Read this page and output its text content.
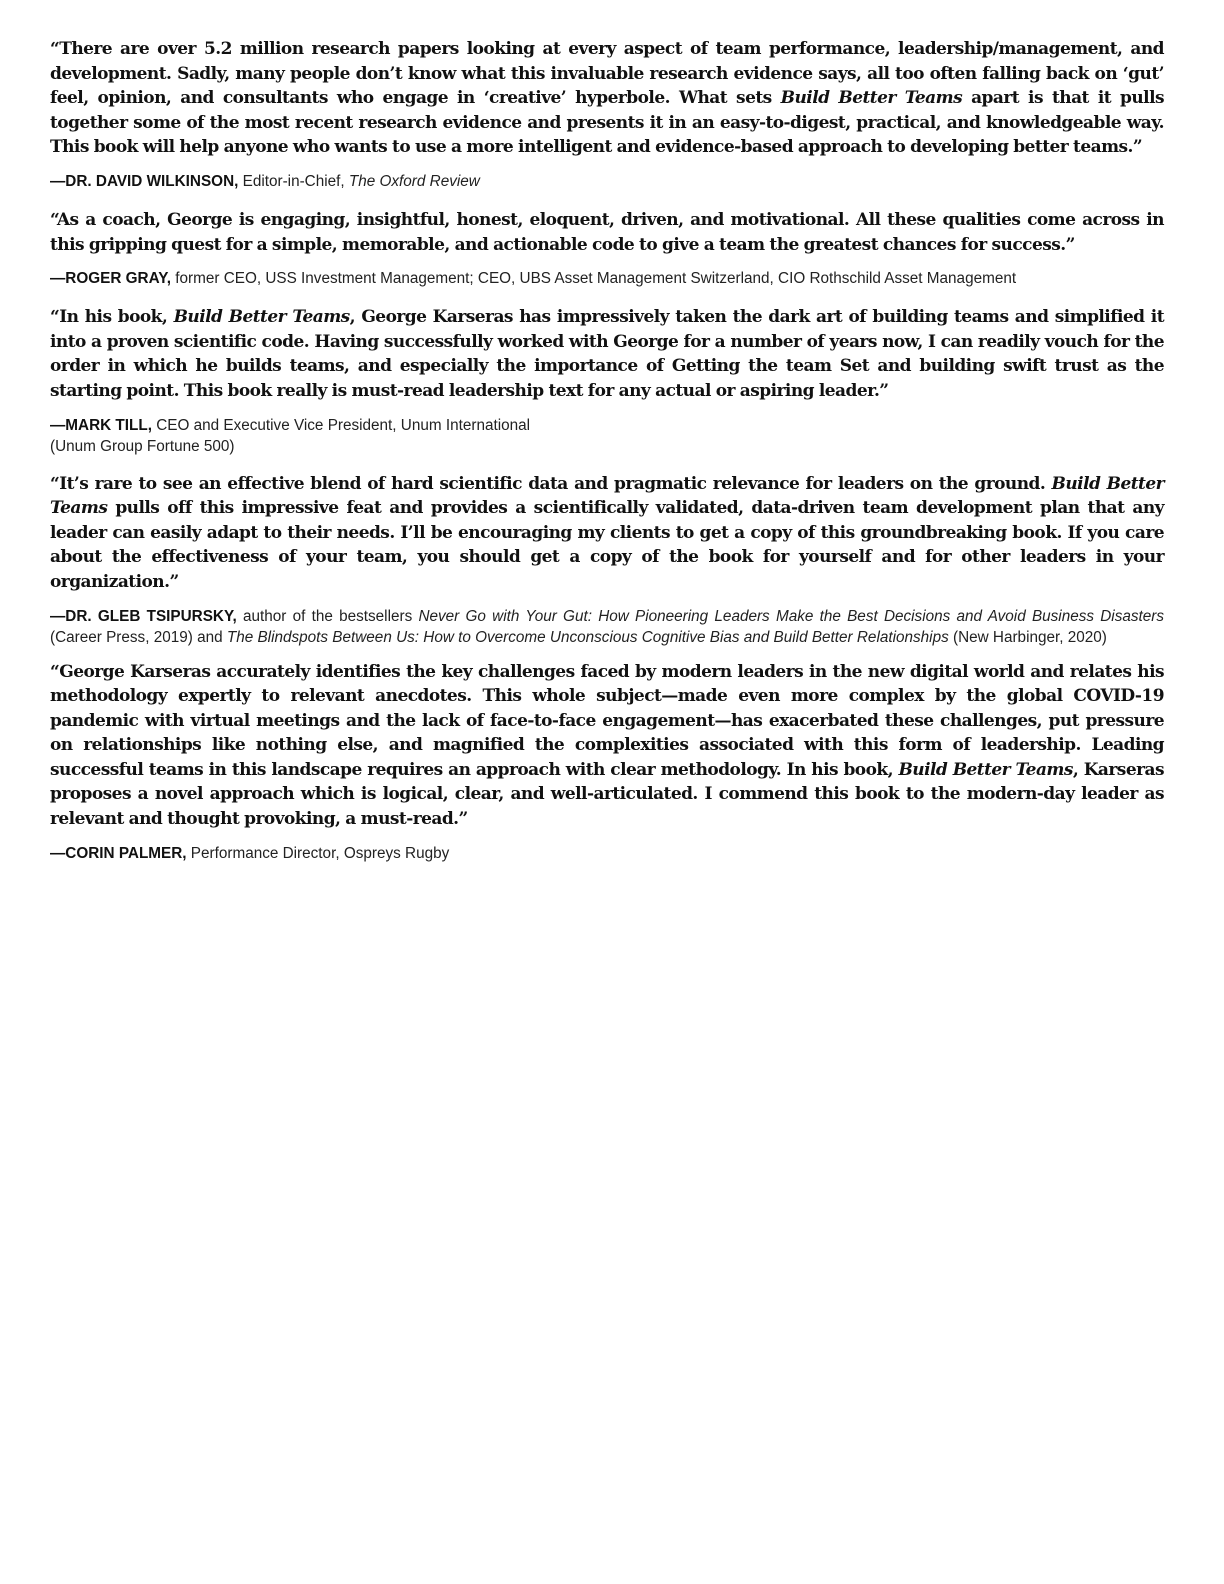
“There are over 5.2 million research papers looking at every aspect of team performance, leadership/management, and development. Sadly, many people don’t know what this invaluable research evidence says, all too often falling back on ‘gut’ feel, opinion, and consultants who engage in ‘creative’ hyperbole. What sets Build Better Teams apart is that it pulls together some of the most recent research evidence and presents it in an easy-to-digest, practical, and knowledgeable way. This book will help anyone who wants to use a more intelligent and evidence-based approach to developing better teams.”

—DR. DAVID WILKINSON, Editor-in-Chief, The Oxford Review

“As a coach, George is engaging, insightful, honest, eloquent, driven, and motivational. All these qualities come across in this gripping quest for a simple, memorable, and actionable code to give a team the greatest chances for success.”

—ROGER GRAY, former CEO, USS Investment Management; CEO, UBS Asset Management Switzerland, CIO Rothschild Asset Management

“In his book, Build Better Teams, George Karseras has impressively taken the dark art of building teams and simplified it into a proven scientific code. Having successfully worked with George for a number of years now, I can readily vouch for the order in which he builds teams, and especially the importance of Getting the team Set and building swift trust as the starting point. This book really is must-read leadership text for any actual or aspiring leader.”

—MARK TILL, CEO and Executive Vice President, Unum International
(Unum Group Fortune 500)

“It’s rare to see an effective blend of hard scientific data and pragmatic relevance for leaders on the ground. Build Better Teams pulls off this impressive feat and provides a scientifically validated, data-driven team development plan that any leader can easily adapt to their needs. I’ll be encouraging my clients to get a copy of this groundbreaking book. If you care about the effectiveness of your team, you should get a copy of the book for yourself and for other leaders in your organization.”

—DR. GLEB TSIPURSKY, author of the bestsellers Never Go with Your Gut: How Pioneering Leaders Make the Best Decisions and Avoid Business Disasters (Career Press, 2019) and The Blindspots Between Us: How to Overcome Unconscious Cognitive Bias and Build Better Relationships (New Harbinger, 2020)

“George Karseras accurately identifies the key challenges faced by modern leaders in the new digital world and relates his methodology expertly to relevant anecdotes. This whole subject—made even more complex by the global COVID-19 pandemic with virtual meetings and the lack of face-to-face engagement—has exacerbated these challenges, put pressure on relationships like nothing else, and magnified the complexities associated with this form of leadership. Leading successful teams in this landscape requires an approach with clear methodology. In his book, Build Better Teams, Karseras proposes a novel approach which is logical, clear, and well-articulated. I commend this book to the modern-day leader as relevant and thought provoking, a must-read.”

—CORIN PALMER, Performance Director, Ospreys Rugby
